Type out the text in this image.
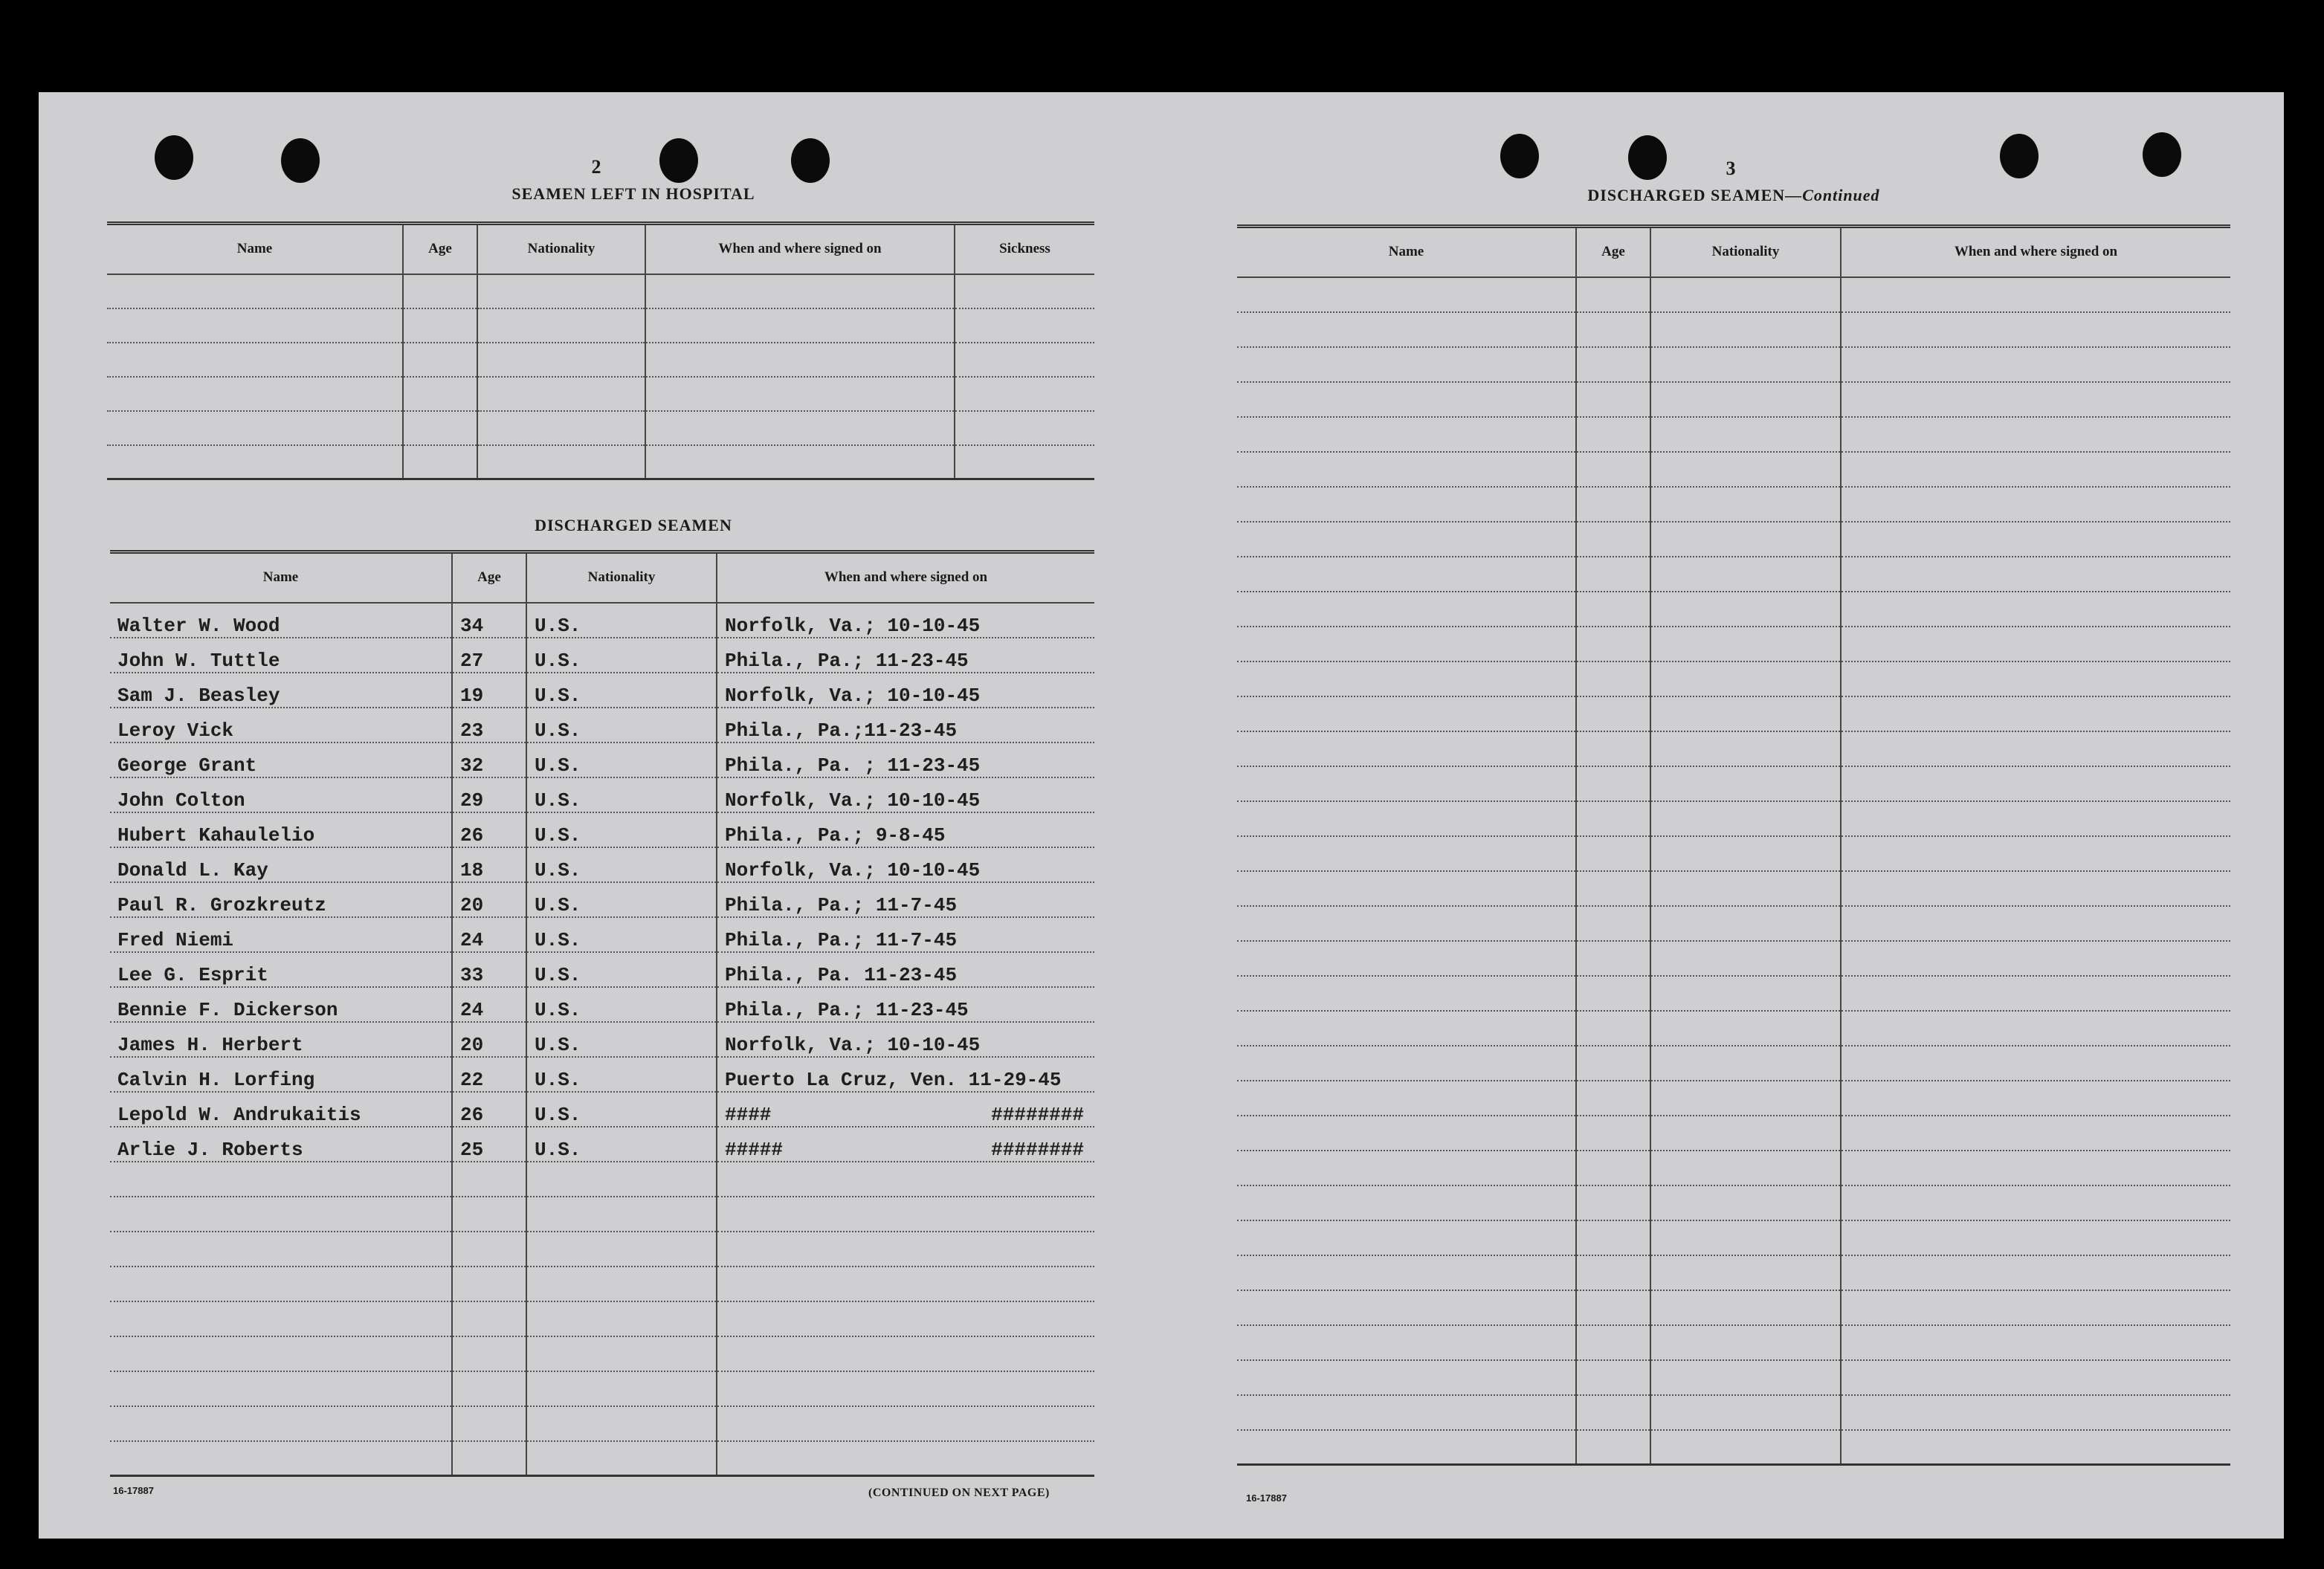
2
SEAMEN LEFT IN HOSPITAL
Name	Age	Nationality	When and where signed on	Sickness

DISCHARGED SEAMEN
Name	Age	Nationality	When and where signed on
Walter W. Wood	34	U.S.	Norfolk, Va.; 10-10-45
John W. Tuttle	27	U.S.	Phila., Pa.; 11-23-45
Sam J. Beasley	19	U.S.	Norfolk, Va.; 10-10-45
Leroy Vick	23	U.S.	Phila., Pa.;11-23-45
George Grant	32	U.S.	Phila., Pa. ; 11-23-45
John Colton	29	U.S.	Norfolk, Va.; 10-10-45
Hubert Kahaulelio	26	U.S.	Phila., Pa.; 9-8-45
Donald L. Kay	18	U.S.	Norfolk, Va.; 10-10-45
Paul R. Grozkreutz	20	U.S.	Phila., Pa.; 11-7-45
Fred Niemi	24	U.S.	Phila., Pa.; 11-7-45
Lee G. Esprit	33	U.S.	Phila., Pa. 11-23-45
Bennie F. Dickerson	24	U.S.	Phila., Pa.; 11-23-45
James H. Herbert	20	U.S.	Norfolk, Va.; 10-10-45
Calvin H. Lorfing	22	U.S.	Puerto La Cruz, Ven. 11-29-45
Lepold W. Andrukaitis	26	U.S.	#### ########

Arlie J. Roberts	25	U.S.	##### ########

16-17887	(CONTINUED ON NEXT PAGE)
3
DISCHARGED SEAMEN—Continued
Name	Age	Nationality	When and where signed on

16-17887
